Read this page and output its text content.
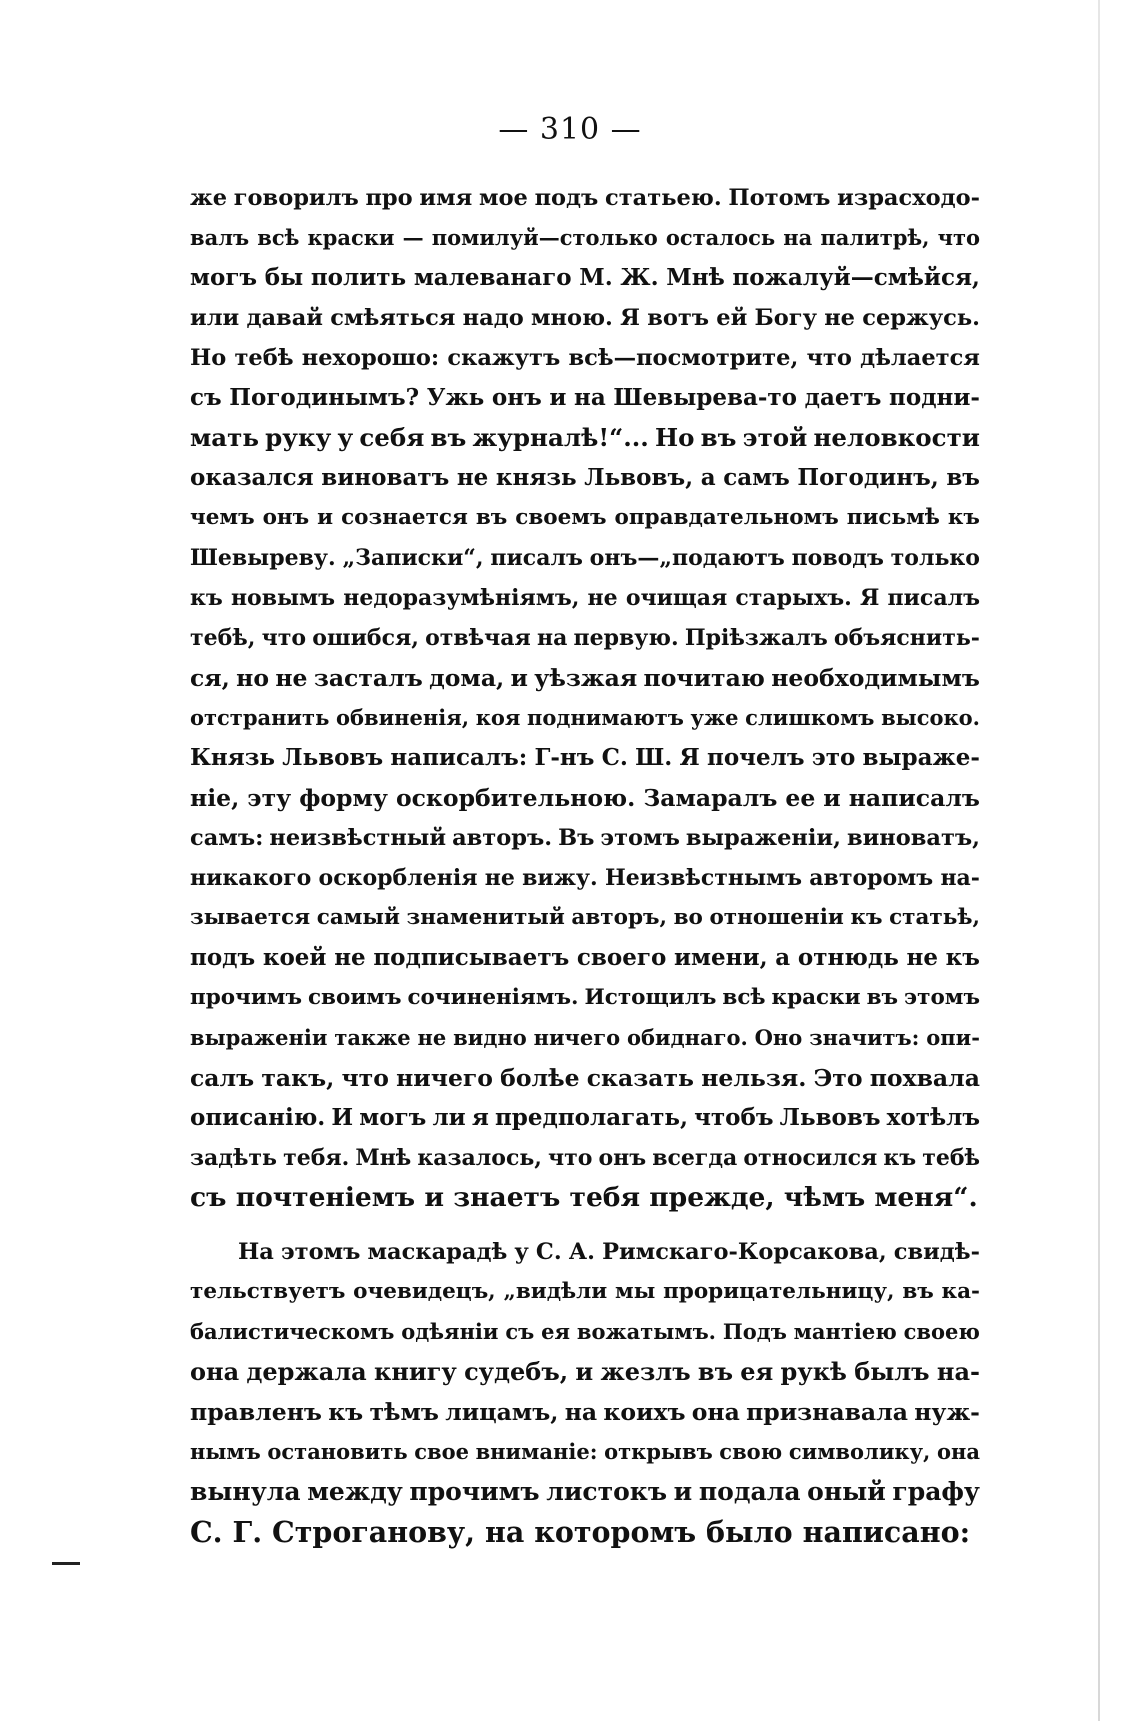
— 310 —
же говорилъ про имя мое подъ статьею. Потомъ израсходо-
валъ всѣ краски — помилуй—столько осталось на палитрѣ, что
могъ бы полить малеванаго М. Ж. Мнѣ пожалуй—смѣйся,
или давай смѣяться надо мною. Я вотъ ей Богу не сержусь.
Но тебѣ нехорошо: скажутъ всѣ—посмотрите, что дѣлается
съ Погодинымъ? Ужь онъ и на Шевырева-то даетъ подни-
мать руку у себя въ журналѣ!“... Но въ этой неловкости
оказался виноватъ не князь Львовъ, а самъ Погодинъ, въ
чемъ онъ и сознается въ своемъ оправдательномъ письмѣ къ
Шевыреву. „Записки“, писалъ онъ—„подаютъ поводъ только
къ новымъ недоразумѣніямъ, не очищая старыхъ. Я писалъ
тебѣ, что ошибся, отвѣчая на первую. Пріѣзжалъ объяснить-
ся, но не засталъ дома, и уѣзжая почитаю необходимымъ
отстранить обвиненія, коя поднимаютъ уже слишкомъ высоко.
Князь Львовъ написалъ: Г-нъ С. Ш. Я почелъ это выраже-
ніе, эту форму оскорбительною. Замаралъ ее и написалъ
самъ: неизвѣстный авторъ. Въ этомъ выраженіи, виноватъ,
никакого оскорбленія не вижу. Неизвѣстнымъ авторомъ на-
зывается самый знаменитый авторъ, во отношеніи къ статьѣ,
подъ коей не подписываетъ своего имени, а отнюдь не къ
прочимъ своимъ сочиненіямъ. Истощилъ всѣ краски въ этомъ
выраженіи также не видно ничего обиднаго. Оно значитъ: опи-
салъ такъ, что ничего болѣе сказать нельзя. Это похвала
описанію. И могъ ли я предполагать, чтобъ Львовъ хотѣлъ
задѣть тебя. Мнѣ казалось, что онъ всегда относился къ тебѣ
съ почтеніемъ и знаетъ тебя прежде, чѣмъ меня“.
На этомъ маскарадѣ у С. А. Римскаго-Корсакова, свидѣ-
тельствуетъ очевидецъ, „видѣли мы прорицательницу, въ ка-
балистическомъ одѣяніи съ ея вожатымъ. Подъ мантіею своею
она держала книгу судебъ, и жезлъ въ ея рукѣ былъ на-
правленъ къ тѣмъ лицамъ, на коихъ она признавала нуж-
нымъ остановить свое вниманіе: открывъ свою символику, она
вынула между прочимъ листокъ и подала оный графу
С. Г. Строганову, на которомъ было написано:
